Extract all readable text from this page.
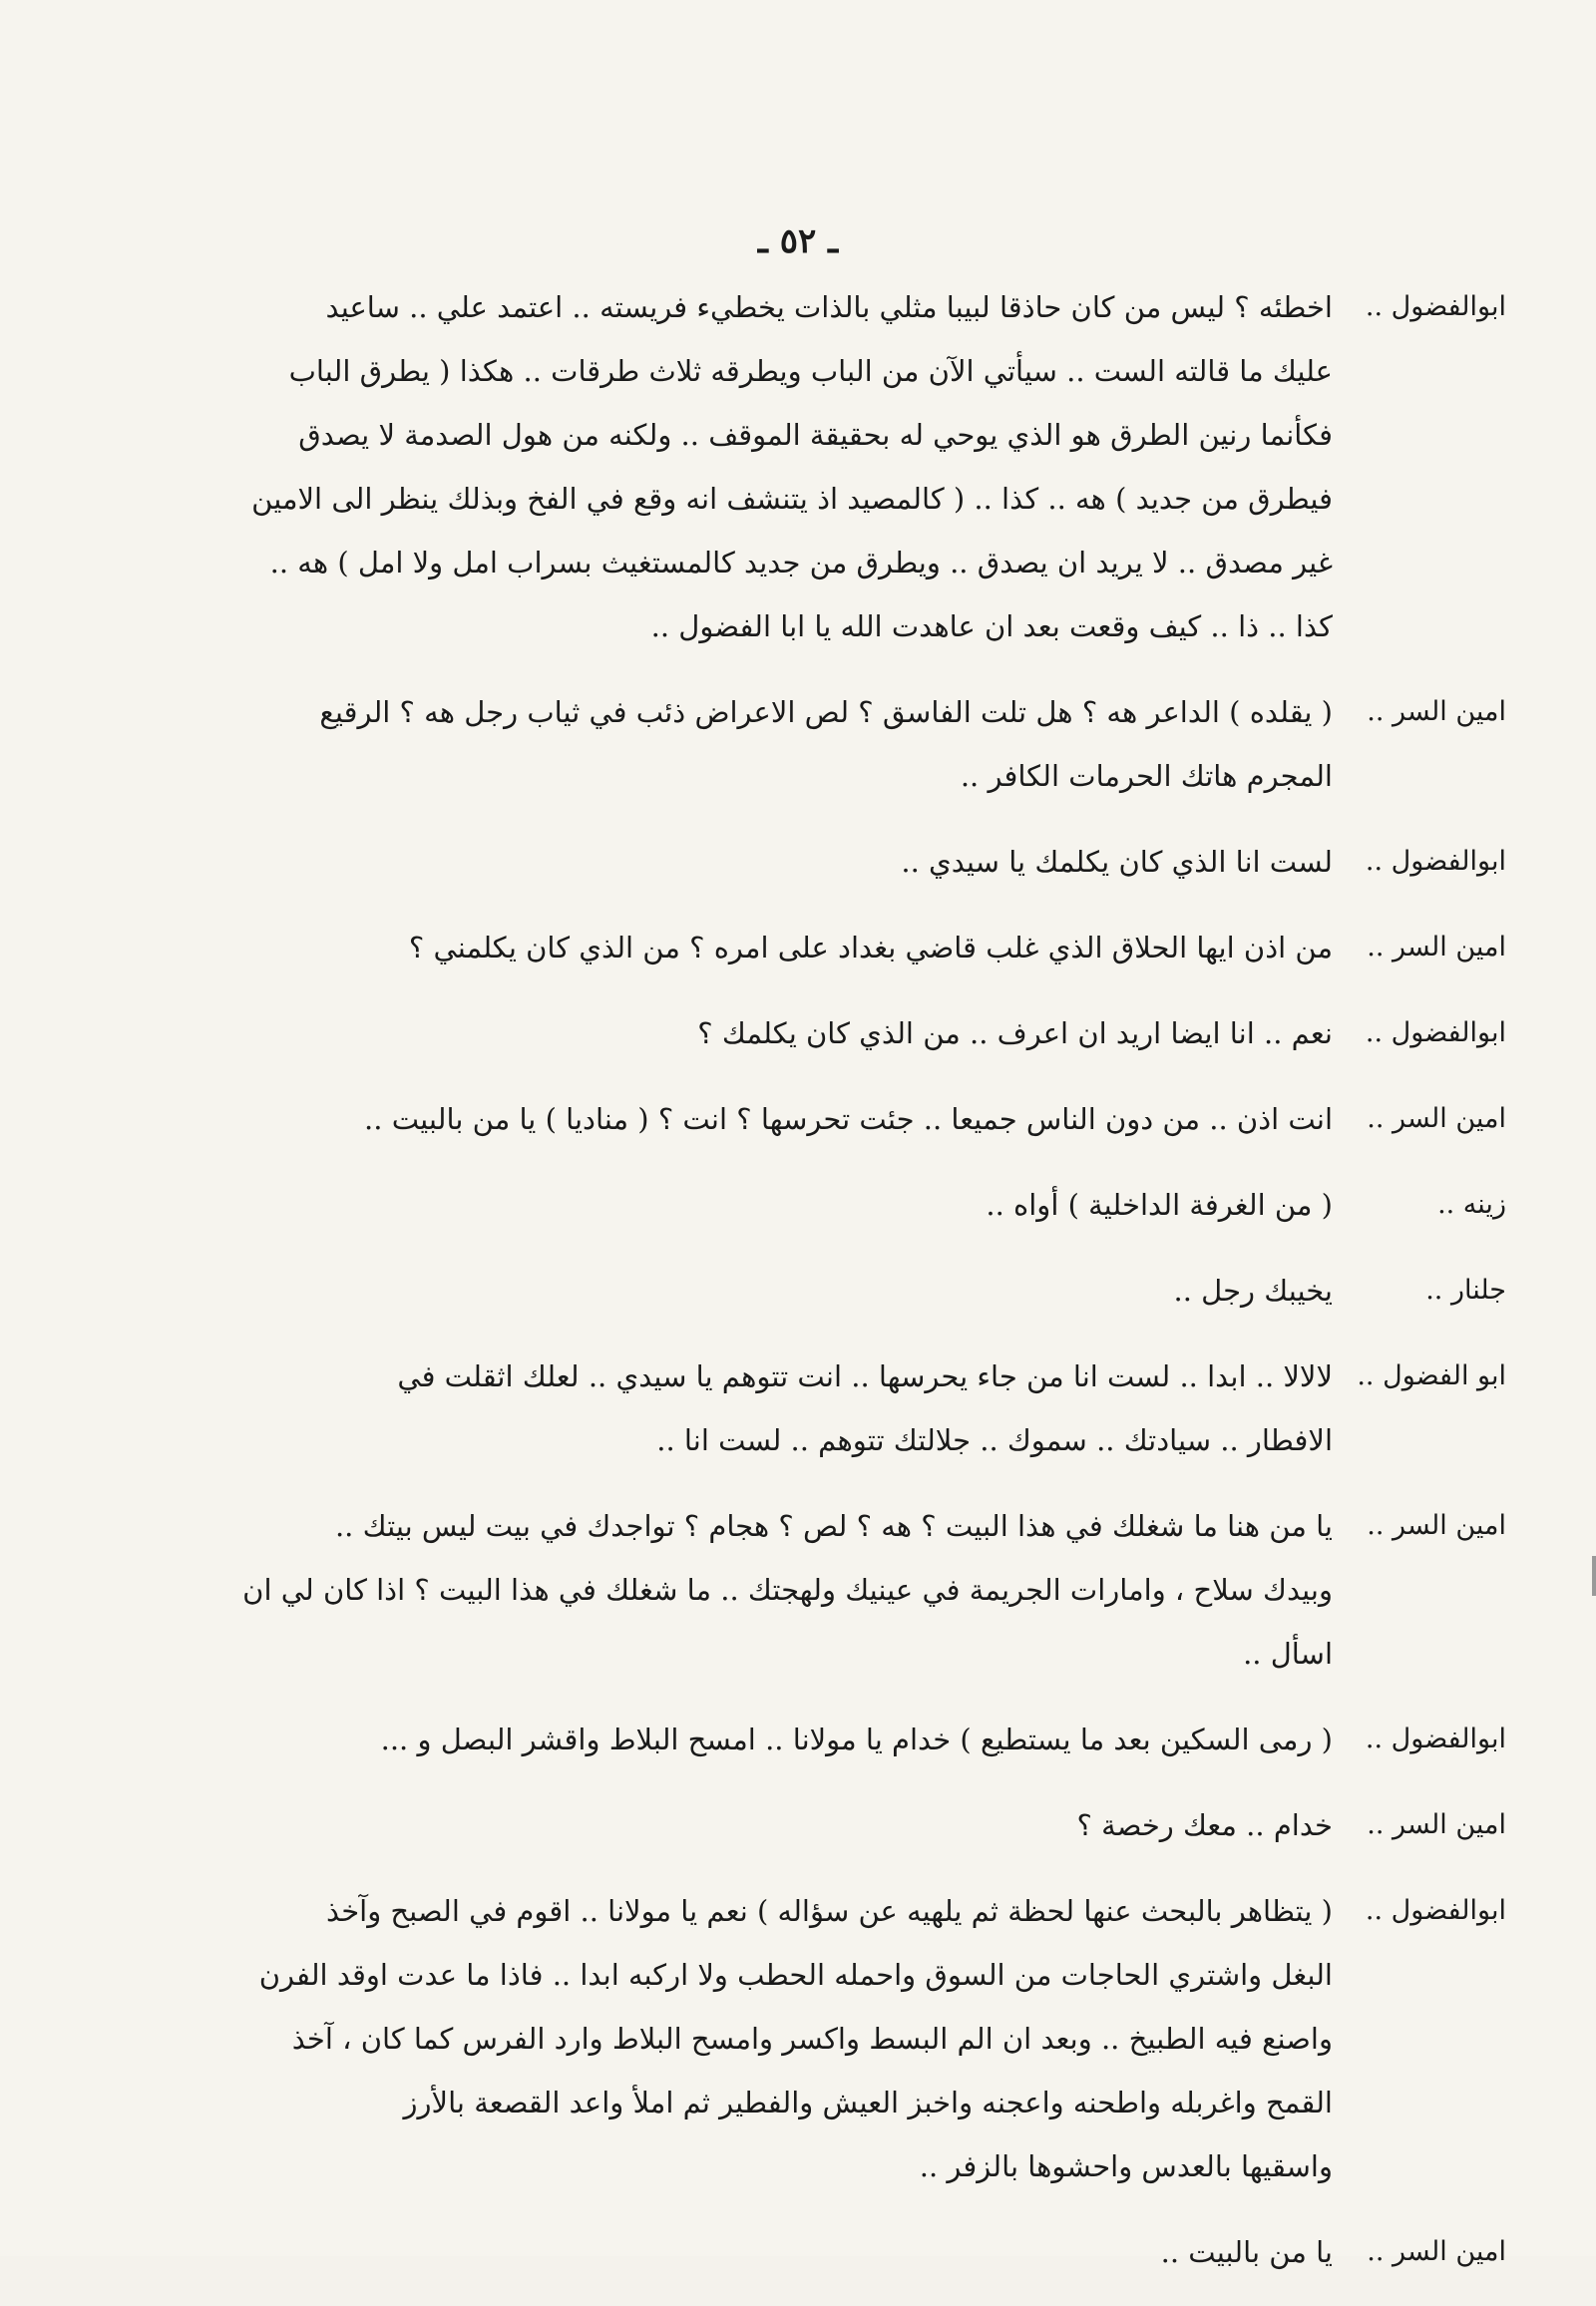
ـ ٥٢ ـ
ابوالفضول ..
اخطئه ؟ ليس من كان حاذقا لبيبا مثلي بالذات يخطيء فريسته .. اعتمد علي .. ساعيد
عليك ما قالته الست .. سيأتي الآن من الباب ويطرقه ثلاث طرقات .. هكذا ( يطرق الباب
فكأنما رنين الطرق هو الذي يوحي له بحقيقة الموقف .. ولكنه من هول الصدمة لا يصدق
فيطرق من جديد ) هه .. كذا .. ( كالمصيد اذ يتنشف انه وقع في الفخ وبذلك ينظر الى الامين
غير مصدق .. لا يريد ان يصدق .. ويطرق من جديد كالمستغيث بسراب امل ولا امل ) هه ..
كذا .. ذا .. كيف وقعت بعد ان عاهدت الله يا ابا الفضول ..
امين السر ..
( يقلده ) الداعر هه ؟ هل تلت الفاسق ؟ لص الاعراض ذئب في ثياب رجل هه ؟ الرقيع
المجرم هاتك الحرمات الكافر ..
ابوالفضول ..
لست انا الذي كان يكلمك يا سيدي ..
امين السر ..
من اذن ايها الحلاق الذي غلب قاضي بغداد على امره ؟ من الذي كان يكلمني ؟
ابوالفضول ..
نعم .. انا ايضا اريد ان اعرف .. من الذي كان يكلمك ؟
امين السر ..
انت اذن .. من دون الناس جميعا .. جئت تحرسها ؟ انت ؟ ( مناديا ) يا من بالبيت ..
زينه ..
( من الغرفة الداخلية ) أواه ..
جلنار ..
يخيبك رجل ..
ابو الفضول ..
لالالا .. ابدا .. لست انا من جاء يحرسها .. انت تتوهم يا سيدي .. لعلك اثقلت في
الافطار .. سيادتك .. سموك .. جلالتك تتوهم .. لست انا ..
امين السر ..
يا من هنا ما شغلك في هذا البيت ؟ هه ؟ لص ؟ هجام ؟ تواجدك في بيت ليس بيتك ..
وبيدك سلاح ، وامارات الجريمة في عينيك ولهجتك .. ما شغلك في هذا البيت ؟ اذا كان لي ان
اسأل ..
ابوالفضول ..
( رمى السكين بعد ما يستطيع ) خدام يا مولانا .. امسح البلاط واقشر البصل و ...
امين السر ..
خدام .. معك رخصة ؟
ابوالفضول ..
( يتظاهر بالبحث عنها لحظة ثم يلهيه عن سؤاله ) نعم يا مولانا .. اقوم في الصبح وآخذ
البغل واشتري الحاجات من السوق واحمله الحطب ولا اركبه ابدا .. فاذا ما عدت اوقد الفرن
واصنع فيه الطبيخ .. وبعد ان الم البسط واكسر وامسح البلاط وارد الفرس كما كان ، آخذ
القمح واغربله واطحنه واعجنه واخبز العيش والفطير ثم املأ واعد القصعة بالأرز
واسقيها بالعدس واحشوها بالزفر ..
امين السر ..
يا من بالبيت ..
